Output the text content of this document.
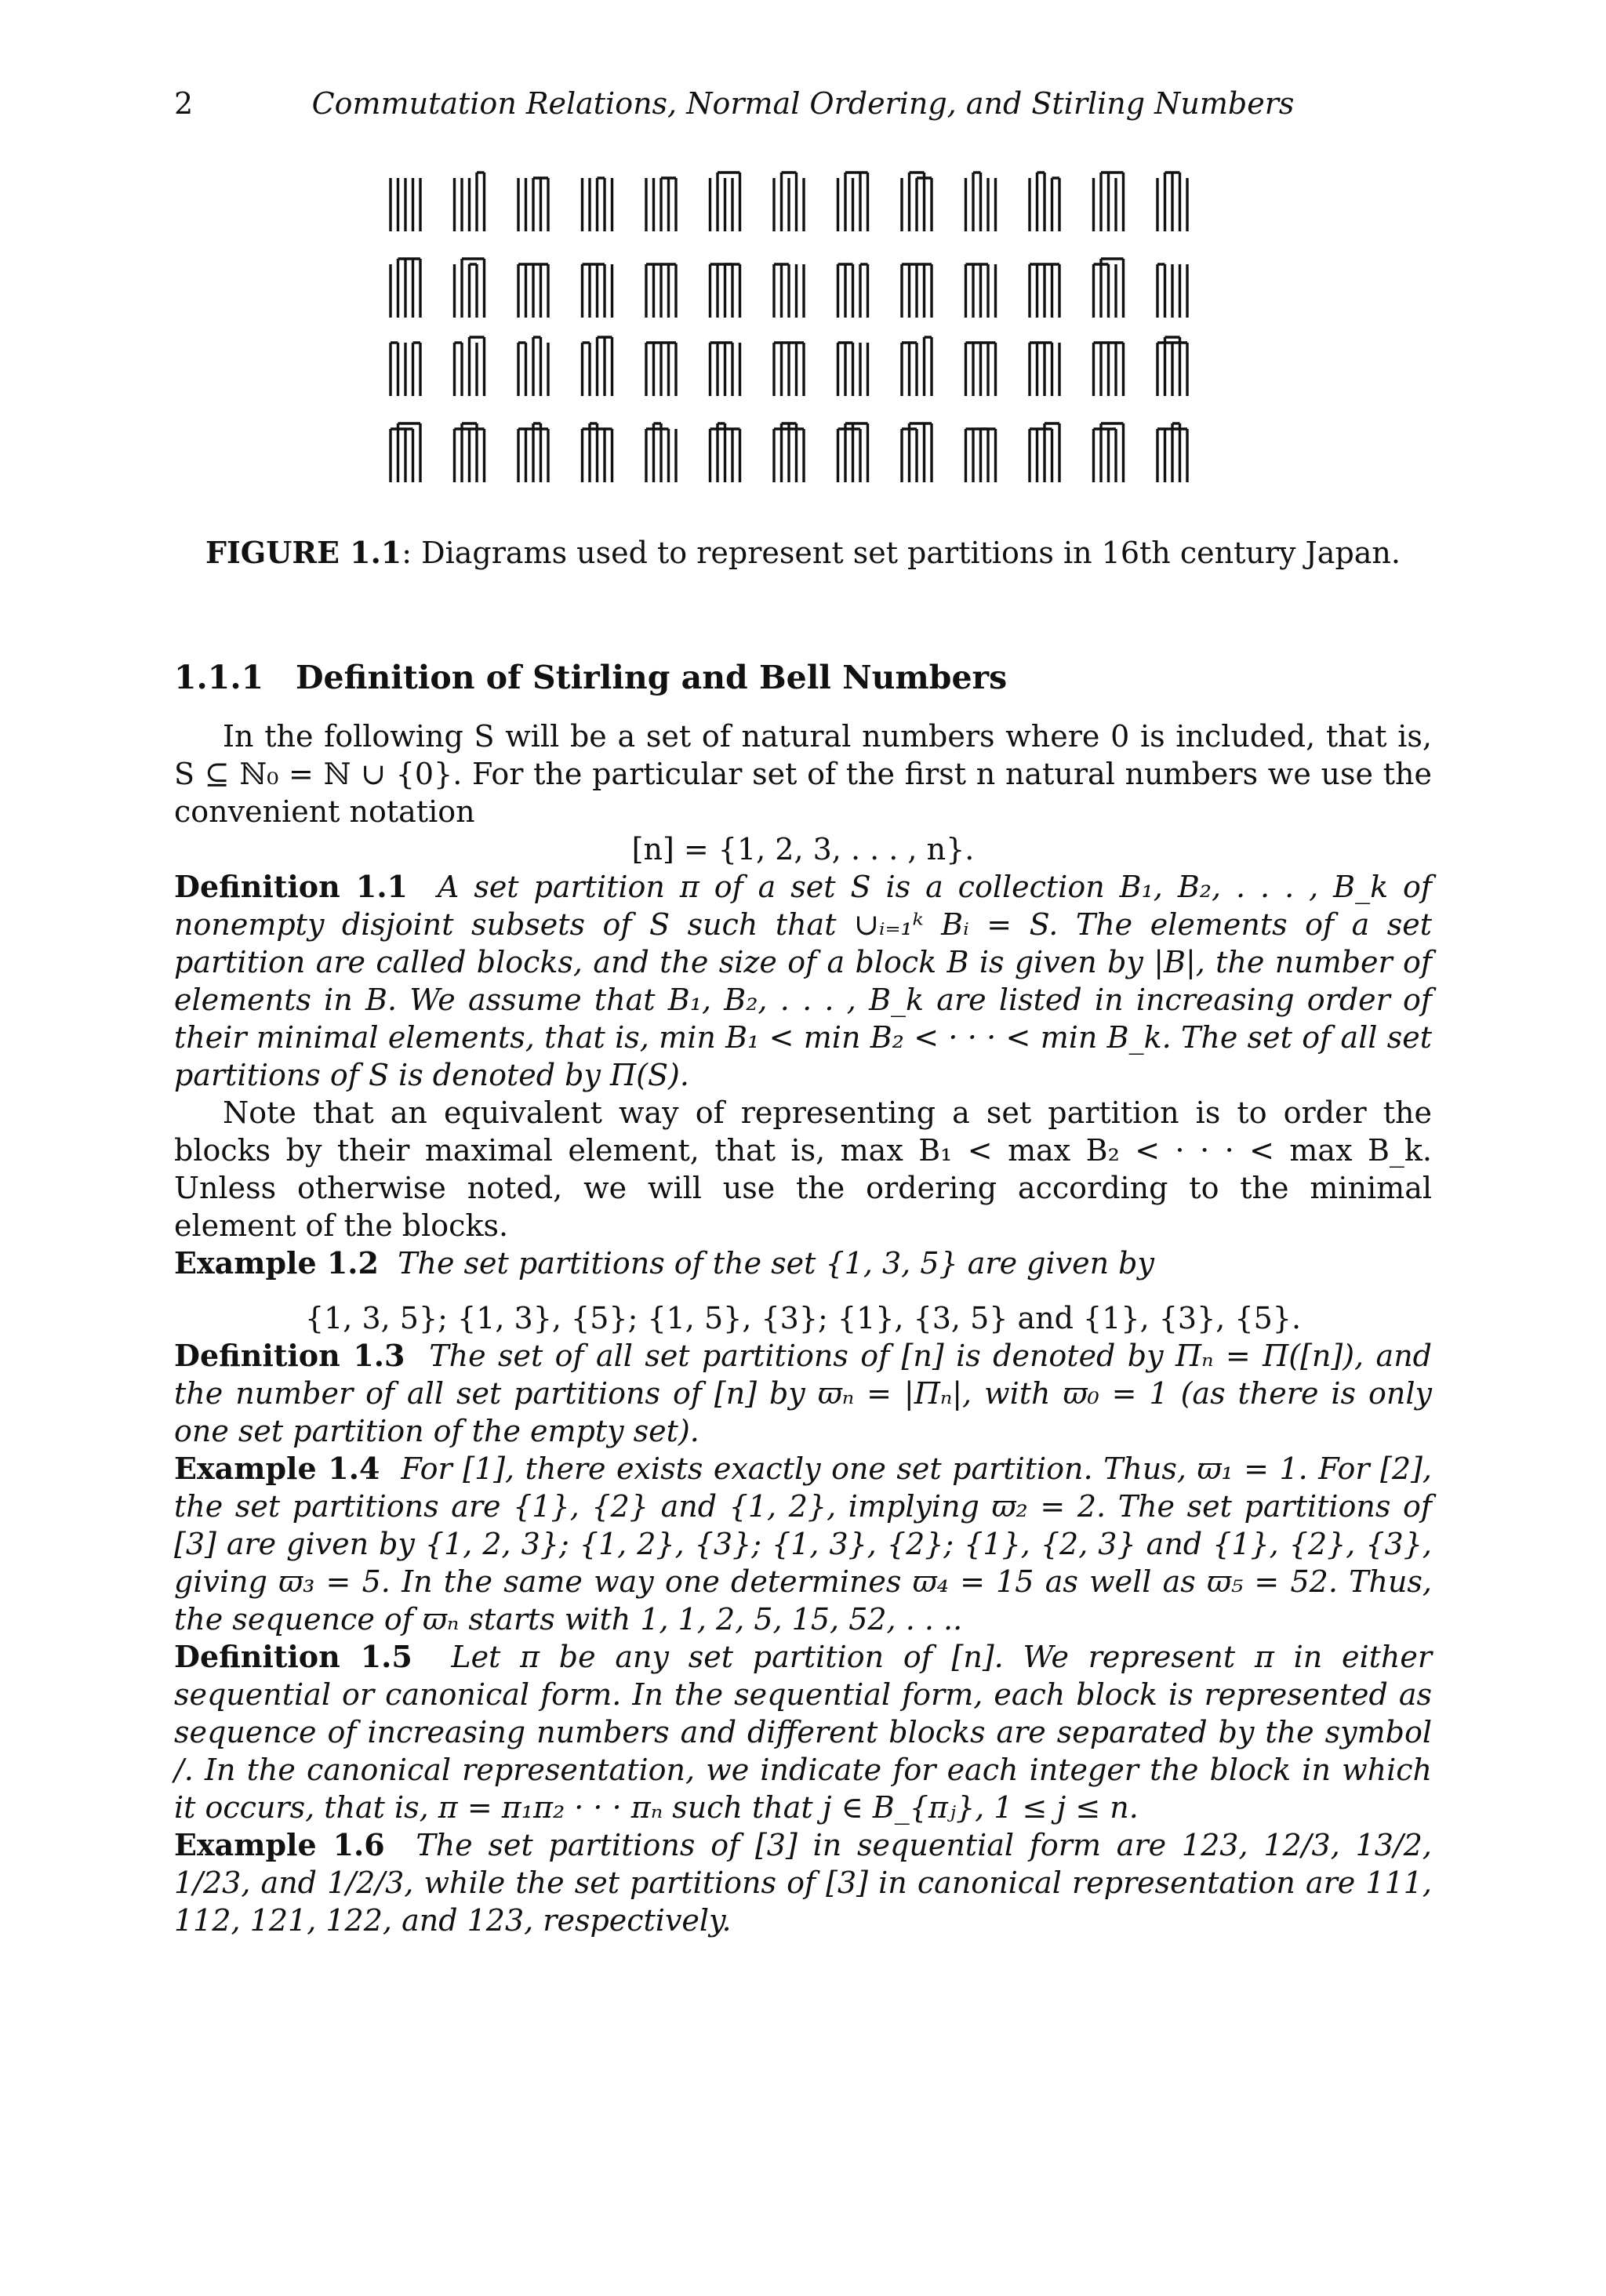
2	Commutation Relations, Normal Ordering, and Stirling Numbers
FIGURE 1.1: Diagrams used to represent set partitions in 16th century Japan.
1.1.1 Definition of Stirling and Bell Numbers

In the following S will be a set of natural numbers where 0 is included, that is, S ⊆ ℕ₀ = ℕ ∪ {0}. For the particular set of the first n natural numbers we use the convenient notation

[n] = {1, 2, 3, . . . , n}.

Definition 1.1 A set partition π of a set S is a collection B₁, B₂, . . . , B_k of nonempty disjoint subsets of S such that ∪ᵢ₌₁ᵏ Bᵢ = S. The elements of a set partition are called blocks, and the size of a block B is given by |B|, the number of elements in B. We assume that B₁, B₂, . . . , B_k are listed in increasing order of their minimal elements, that is, min B₁ < min B₂ < · · · < min B_k. The set of all set partitions of S is denoted by Π(S).

Note that an equivalent way of representing a set partition is to order the blocks by their maximal element, that is, max B₁ < max B₂ < · · · < max B_k. Unless otherwise noted, we will use the ordering according to the minimal element of the blocks.

Example 1.2 The set partitions of the set {1, 3, 5} are given by

{1, 3, 5}; {1, 3}, {5}; {1, 5}, {3}; {1}, {3, 5} and {1}, {3}, {5}.

Definition 1.3 The set of all set partitions of [n] is denoted by Πₙ = Π([n]), and the number of all set partitions of [n] by ϖₙ = |Πₙ|, with ϖ₀ = 1 (as there is only one set partition of the empty set).

Example 1.4 For [1], there exists exactly one set partition. Thus, ϖ₁ = 1. For [2], the set partitions are {1}, {2} and {1, 2}, implying ϖ₂ = 2. The set partitions of [3] are given by {1, 2, 3}; {1, 2}, {3}; {1, 3}, {2}; {1}, {2, 3} and {1}, {2}, {3}, giving ϖ₃ = 5. In the same way one determines ϖ₄ = 15 as well as ϖ₅ = 52. Thus, the sequence of ϖₙ starts with 1, 1, 2, 5, 15, 52, . . ..

Definition 1.5 Let π be any set partition of [n]. We represent π in either sequential or canonical form. In the sequential form, each block is represented as sequence of increasing numbers and different blocks are separated by the symbol /. In the canonical representation, we indicate for each integer the block in which it occurs, that is, π = π₁π₂ · · · πₙ such that j ∈ B_{πⱼ}, 1 ≤ j ≤ n.

Example 1.6 The set partitions of [3] in sequential form are 123, 12/3, 13/2, 1/23, and 1/2/3, while the set partitions of [3] in canonical representation are 111, 112, 121, 122, and 123, respectively.
